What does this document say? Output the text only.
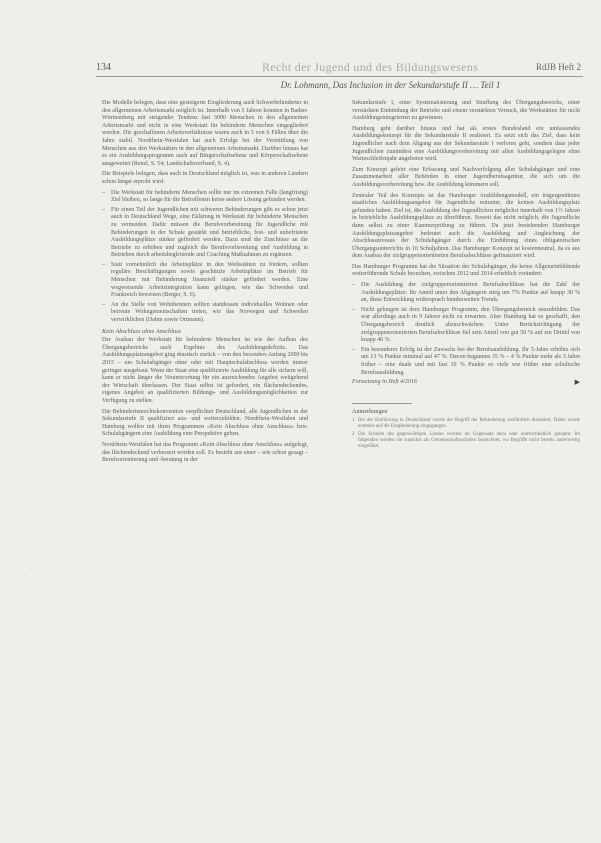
134	Recht der Jugend und des Bildungswesens	RdJB Heft 2
Dr. Lohmann, Das Inclusion in der Sekundarstufe II … Teil 1

Die Modelle belegen, dass eine gesteigerte Eingliederung auch Schwerbehinderter in den allgemeinen Arbeitsmarkt möglich ist. Innerhalb von 5 Jahren konnten in Baden-Württemberg mit steigender Tendenz fast 3000 Menschen in den allgemeinen Arbeitsmarkt und nicht in eine Werkstatt für behinderte Menschen eingegliedert werden. Die geschaffenen Arbeitsverhältnisse waren auch in 5 von 6 Fällen über die Jahre stabil. Nordrhein-Westfalen hat auch Erfolge bei der Vermittlung von Menschen aus den Werkstätten in den allgemeinen Arbeitsmarkt. Darüber hinaus hat es ein Ausbildungsprogramm auch auf Bürgerschaftsebene und Körperschaftsebene ausgeweitet (Renzl, S. 54; Landschaftsverband, S. 4).

Die Beispiele belegen, dass auch in Deutschland möglich ist, was in anderen Ländern schon längst erprobt wird:

– Die Werkstatt für behinderte Menschen sollte nur im extremen Falle (langfristig) Ziel bleiben, so lange für die Betroffenen keine andere Lösung gefunden werden.
– Für einen Teil der Jugendlichen mit schweren Behinderungen gibt es schon jetzt auch in Deutschland Wege, eine Eklärung in Werkstatt für behinderte Menschen zu vermeiden. Dafür müssen die Berufsvorbereitung für Jugendliche mit Behinderungen in der Schule gestärkt und betriebliche, fest- und unbefristete Ausbildungsplätze stärker gefördert werden. Dazu sind die Zuschüsse an die Betriebe zu erhöhen und zugleich die Berufsvorbereitung und Ausbildung in Betrieben durch arbeitsbegleitende und Coaching Maßnahmen zu ergänzen.
– Statt vornehmlich die Arbeitsplätze in den Werkstätten zu fördern, sollten reguläre Beschäftigungen sowie geschützte Arbeitsplätze im Betrieb für Menschen mit Behinderung finanziell stärker gefördert werden. Eine wegweisende Arbeitsintegration kann gelingen, wie das Schweden und Frankreich beweisen (Berger, S. 6).
– An die Stelle von Wohnheimen sollten stattdessen individuelles Wohnen oder betreute Wohngemeinschaften treten, wie das Norwegen und Schweden verwirklichen (Dahm sowie Ortmann).
Kein Abschluss ohne Anschluss

Der Ausbau der Werkstatt für behinderte Menschen ist wie der Aufbau des Übergangsbereichs auch Ergebnis des Ausbildungsdefizits. Das Ausbildungsplatzangebot ging drastisch zurück – von den besonders Anfang 2000 bis 2015 – um Schulabgänger ohne oder mit Hauptschulabschluss werden immer geringer ausgebaut. Wenn der Staat eine qualifizierte Ausbildung für alle sichern will, kann er nicht länger die Verantwortung für ein ausreichendes Angebot weitgehend der Wirtschaft überlassen. Der Staat selbst ist gefordert, ein flächendeckendes, eigenes Angebot an qualifizierten Bildungs- und Ausbildungsmöglichkeiten zur Verfügung zu stellen.

Die Behindertenrechtskonvention verpflichtet Deutschland, alle Jugendlichen in der Sekundarstufe II qualifiziert aus- und weiterzubilden. Nordrhein-Westfalen und Hamburg wollen mit ihren Programmen »Kein Abschluss ohne Anschluss« bzw. Schulabgängern eine Ausbildung eine Perspektive geben.

Nordrhein-Westfalen hat das Programm »Kein Abschluss ohne Anschluss« aufgelegt, das flächendeckend verbessert werden soll. Es besteht aus einer – wie schon gesagt – Berufsorientierung und -beratung in der

Sekundarstufe I, einer Systematisierung und Straffung des Übergangsbereichs, einer verstärkten Einbindung der Betriebe und einem verstärkten Versuch, die Werkstätten für nicht Ausbildungsintegrierten zu gewinnen.

Hamburg geht darüber hinaus und hat als erstes Bundesland ein umfassendes Ausbildungskonzept für die Sekundarstufe II realisiert. Es setzt sich das Ziel, dass kein Jugendlicher nach dem Abgang aus der Sekundarstufe I verloren geht, sondern dass jeder Jugendlichen zumindest eine Ausbildungsvorbereitung mit allen Ausbildungsgelegen ohne Warteschleifenjahr angeboten wird.

Zum Konzept gehört eine Erfassung und Nachverfolgung aller Schulabgänger und eine Zusammenarbeit aller Behörden in einer Jugendberufsagentur, die sich um die Ausbildungsvorbereitung bzw. die Ausbildung kümmern soll.

Zentraler Teil des Konzepts ist das Hamburger Ausbildungsmodell, ein trägergestütztes staatliches Ausbildungsangebot für Jugendliche mitunter, die keinen Ausbildungsplatz gefunden haben. Ziel ist, die Ausbildung der Jugendlichen möglichst innerhalb von 1½ Jahren in betriebliche Ausbildungsplätze zu überführen. Soweit das nicht möglich, die Jugendliche dann selbst zu einer Kammerprüfung zu führen. Da jetzt bestehenden Hamburger Ausbildungsplatzangebot bedeutet auch die Ausbildung und Angleichung der Abschlussniveaus der Schulabgänger durch die Einführung eines obligatorischen Übergangsunterrichts in 10 Schuljahren. Das Hamburger Konzept ist kostenneutral, da es aus dem Ausbau der zielgruppenorientierten Berufsabschlüsse gefinanziert wird.

Das Hamburger Programm hat die Situation der Schulabgänger, die keine Allgemeinbildende weiterführende Schule besuchen, zwischen 2012 und 2014 erheblich verändert:

– Die Ausbildung der zielgruppenorientierten Berufsabschlüsse hat die Zahl der Ausbildungsplätze: Ihr Anteil unter den Abgängern stieg um 7% Punkte auf knapp 30 % an, diese Entwicklung widersprach bundesweiten Trends.
– Nicht gelungen ist dem Hamburger Programm, den Übergangsbereich auszubilden. Das war allerdings auch in 9 Jahren nicht zu erwarten. Aber Hamburg hat es geschafft, den Übergangsbereich deutlich abzuschwächen. Unter Berücksichtigung der zielgruppenorientierten Berufsabschlüsse fiel sein Anteil von gut 50 % auf ein Drittel von knapp 40 %.
– Ein besonderer Erfolg ist der Zuwachs bei der Berufsausbildung. Ihr 5-Jahre erhöhte sich um 13 % Punkte minimal auf 47 %. Davon begannen 35 % – 4 % Punkte mehr als 3 Jahre früher – eine duale und mit fast 10 % Punkte so viele wie früher eine schulische Berufsausbildung.
Fortsetzung in Heft 4/2016	▶
Anmerkungen
1 Bei der Einführung in Deutschland wurde der Begriff der Behinderung ausführlich diskutiert. Dabei wurde erstmals auf die Eingliederung eingegangen.
2 Die Schulen des gegenwärtigen Landes werden im Gegensatz dazu oder unterschiedlich genannt. Im folgenden werden sie zunächst als Gemeinschaftsschulen bezeichnet, wo Begriffe nicht bereits anderweitig eingeführt.
·
